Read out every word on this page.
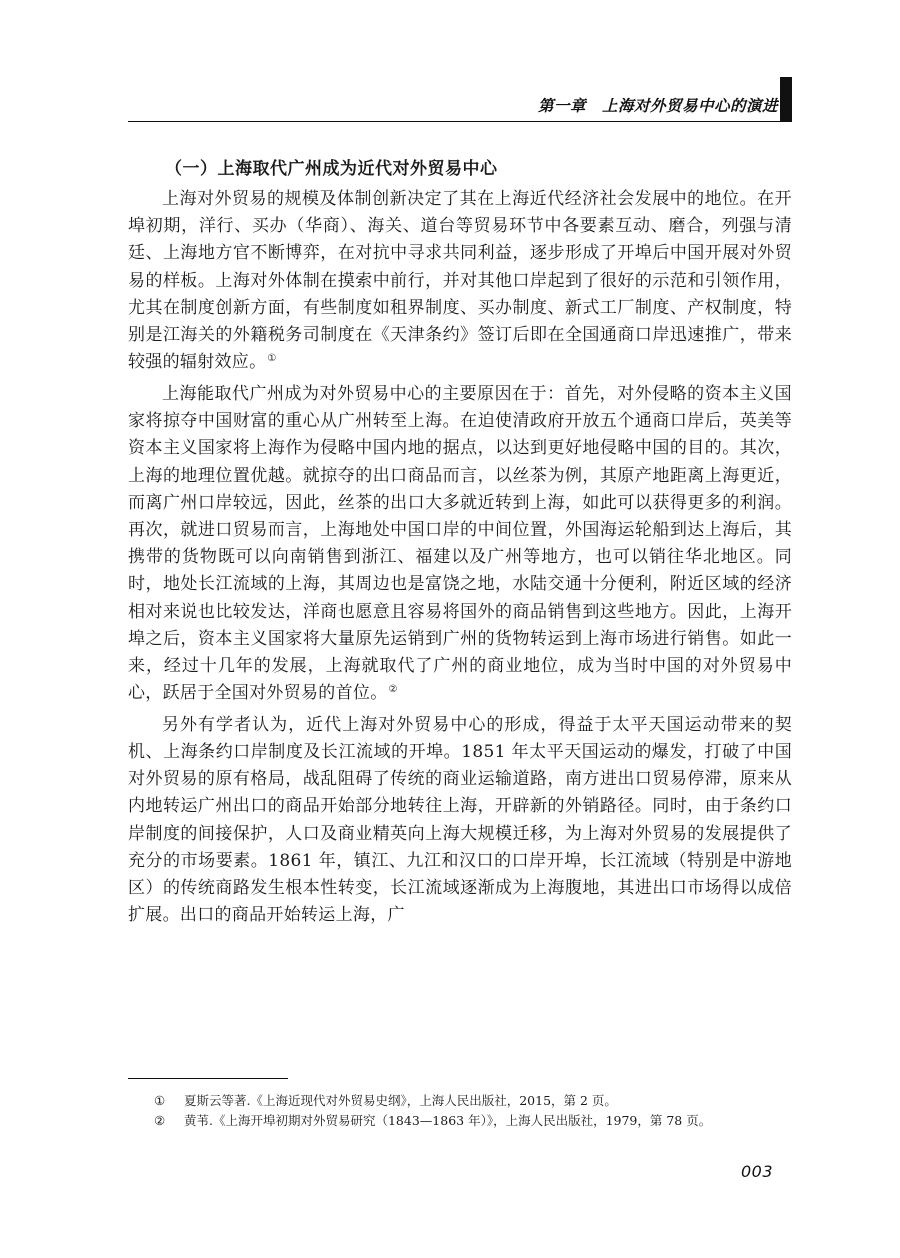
第一章　上海对外贸易中心的演进
（一）上海取代广州成为近代对外贸易中心

上海对外贸易的规模及体制创新决定了其在上海近代经济社会发展中的地位。在开埠初期，洋行、买办（华商）、海关、道台等贸易环节中各要素互动、磨合，列强与清廷、上海地方官不断博弈，在对抗中寻求共同利益，逐步形成了开埠后中国开展对外贸易的样板。上海对外体制在摸索中前行，并对其他口岸起到了很好的示范和引领作用，尤其在制度创新方面，有些制度如租界制度、买办制度、新式工厂制度、产权制度，特别是江海关的外籍税务司制度在《天津条约》签订后即在全国通商口岸迅速推广，带来较强的辐射效应。①

上海能取代广州成为对外贸易中心的主要原因在于：首先，对外侵略的资本主义国家将掠夺中国财富的重心从广州转至上海。在迫使清政府开放五个通商口岸后，英美等资本主义国家将上海作为侵略中国内地的据点，以达到更好地侵略中国的目的。其次，上海的地理位置优越。就掠夺的出口商品而言，以丝茶为例，其原产地距离上海更近，而离广州口岸较远，因此，丝茶的出口大多就近转到上海，如此可以获得更多的利润。再次，就进口贸易而言，上海地处中国口岸的中间位置，外国海运轮船到达上海后，其携带的货物既可以向南销售到浙江、福建以及广州等地方，也可以销往华北地区。同时，地处长江流域的上海，其周边也是富饶之地，水陆交通十分便利，附近区域的经济相对来说也比较发达，洋商也愿意且容易将国外的商品销售到这些地方。因此，上海开埠之后，资本主义国家将大量原先运销到广州的货物转运到上海市场进行销售。如此一来，经过十几年的发展，上海就取代了广州的商业地位，成为当时中国的对外贸易中心，跃居于全国对外贸易的首位。②

另外有学者认为，近代上海对外贸易中心的形成，得益于太平天国运动带来的契机、上海条约口岸制度及长江流域的开埠。1851 年太平天国运动的爆发，打破了中国对外贸易的原有格局，战乱阻碍了传统的商业运输道路，南方进出口贸易停滞，原来从内地转运广州出口的商品开始部分地转往上海，开辟新的外销路径。同时，由于条约口岸制度的间接保护，人口及商业精英向上海大规模迁移，为上海对外贸易的发展提供了充分的市场要素。1861 年，镇江、九江和汉口的口岸开埠，长江流域（特别是中游地区）的传统商路发生根本性转变，长江流域逐渐成为上海腹地，其进出口市场得以成倍扩展。出口的商品开始转运上海，广

①	夏斯云等著.《上海近现代对外贸易史纲》，上海人民出版社，2015，第 2 页。
②	黄苇.《上海开埠初期对外贸易研究（1843—1863 年）》，上海人民出版社，1979，第 78 页。
003
